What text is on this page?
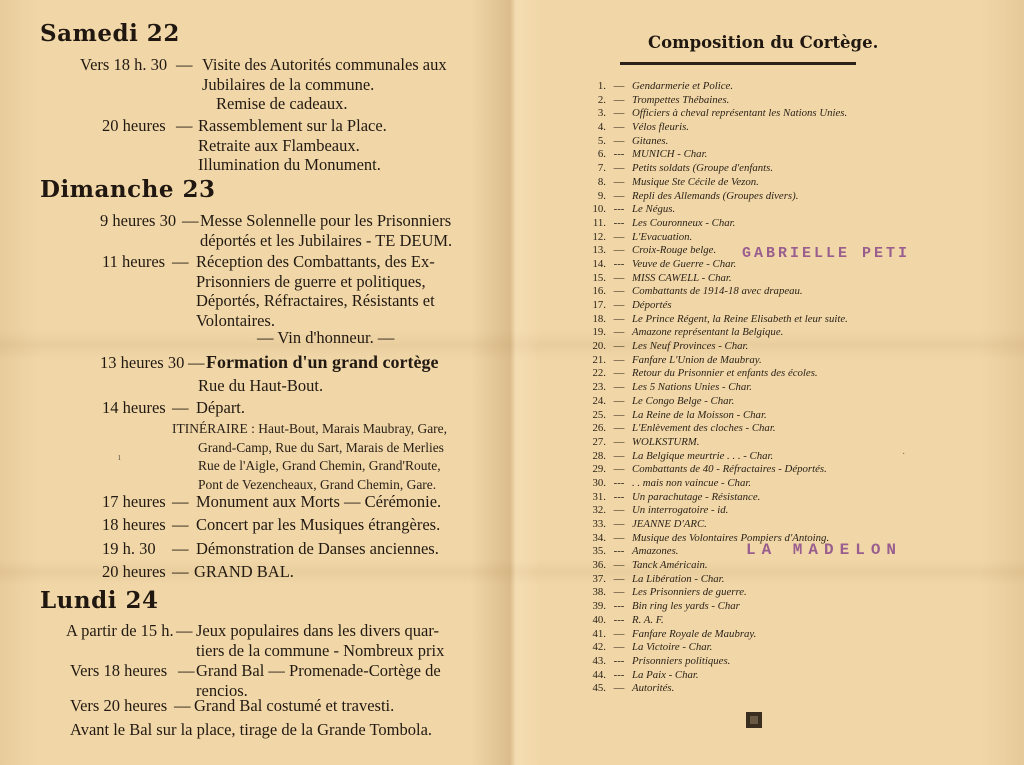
Samedi 22
Vers 18 h. 30 — Visite des Autorités communales aux
Jubilaires de la commune.
Remise de cadeaux.
20 heures — Rassemblement sur la Place.
Retraite aux Flambeaux.
Illumination du Monument.
Dimanche 23
9 heures 30 — Messe Solennelle pour les Prisonniers
déportés et les Jubilaires - TE DEUM.
11 heures — Réception des Combattants, des Ex-
Prisonniers de guerre et politiques,
Déportés, Réfractaires, Résistants et
Volontaires.
— Vin d'honneur. —
13 heures 30 — Formation d'un grand cortège
Rue du Haut-Bout.
14 heures — Départ.
ITINÉRAIRE : Haut-Bout, Marais Maubray, Gare,
Grand-Camp, Rue du Sart, Marais de Merlies
Rue de l'Aigle, Grand Chemin, Grand'Route,
Pont de Vezencheaux, Grand Chemin, Gare.
17 heures — Monument aux Morts — Cérémonie.
18 heures — Concert par les Musiques étrangères.
19 h. 30 — Démonstration de Danses anciennes.
20 heures — GRAND BAL.
Lundi 24
A partir de 15 h. — Jeux populaires dans les divers quar-
tiers de la commune - Nombreux prix
Vers 18 heures — Grand Bal — Promenade-Cortège de
rencios.
Vers 20 heures — Grand Bal costumé et travesti.
Avant le Bal sur la place, tirage de la Grande Tombola.
ı
Composition du Cortège.
1. — Gendarmerie et Police.
2. — Trompettes Thébaines.
3. — Officiers à cheval représentant les Nations Unies.
4. — Vélos fleuris.
5. — Gitanes.
6. --- MUNICH - Char.
7. — Petits soldats (Groupe d'enfants.
8. — Musique Ste Cécile de Vezon.
9. — Repli des Allemands (Groupes divers).
10. --- Le Négus.
11. --- Les Couronneux - Char.
12. — L'Evacuation.
13. — Croix-Rouge belge.
14. --- Veuve de Guerre - Char.
15. — MISS CAWELL - Char.
16. — Combattants de 1914-18 avec drapeau.
17. — Déportés
18. — Le Prince Régent, la Reine Elisabeth et leur suite.
19. — Amazone représentant la Belgique.
20. — Les Neuf Provinces - Char.
21. — Fanfare L'Union de Maubray.
22. — Retour du Prisonnier et enfants des écoles.
23. — Les 5 Nations Unies - Char.
24. — Le Congo Belge - Char.
25. — La Reine de la Moisson - Char.
26. — L'Enlèvement des cloches - Char.
27. — WOLKSTURM.
28. — La Belgique meurtrie . . . - Char.
29. — Combattants de 40 - Réfractaires - Déportés.
30. --- . . mais non vaincue - Char.
31. --- Un parachutage - Résistance.
32. — Un interrogatoire - id.
33. — JEANNE D'ARC.
34. — Musique des Volontaires Pompiers d'Antoing.
35. --- Amazones.
36. — Tanck Américain.
37. — La Libération - Char.
38. — Les Prisonniers de guerre.
39. --- Bin ring les yards - Char
40. --- R. A. F.
41. — Fanfare Royale de Maubray.
42. — La Victoire - Char.
43. --- Prisonniers politiques.
44. --- La Paix - Char.
45. — Autorités.
GABRIELLE PETI
LA MADELON
·
